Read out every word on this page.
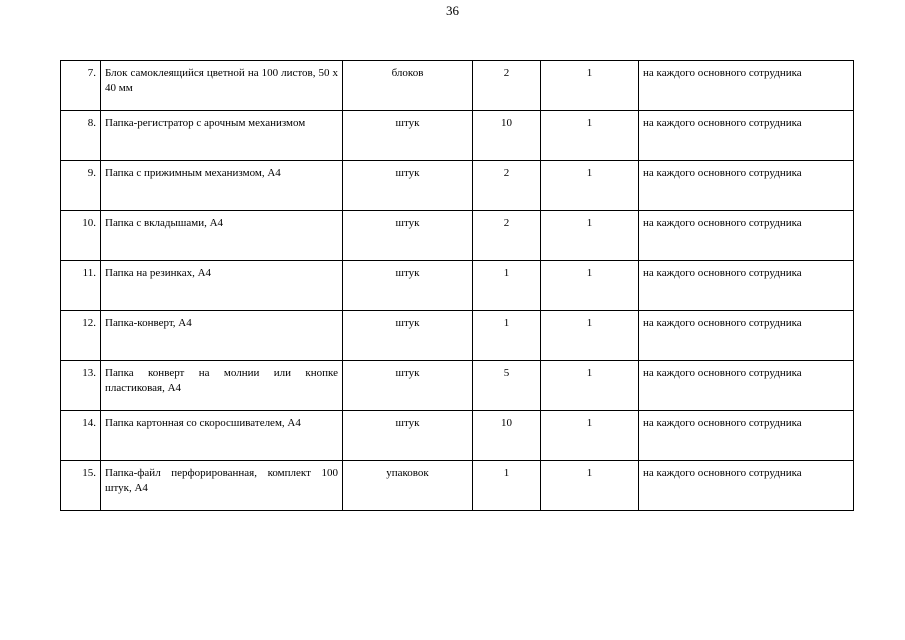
36
7.	Блок самоклеящийся цветной на 100 листов, 50 х 40 мм	блоков	2	1	на каждого основного сотрудника
8.	Папка-регистратор с арочным механизмом	штук	10	1	на каждого основного сотрудника
9.	Папка с прижимным механизмом, А4	штук	2	1	на каждого основного сотрудника
10.	Папка с вкладышами, А4	штук	2	1	на каждого основного сотрудника
11.	Папка на резинках, А4	штук	1	1	на каждого основного сотрудника
12.	Папка-конверт, А4	штук	1	1	на каждого основного сотрудника
13.	Папка конверт на молнии или кнопке пластиковая, А4	штук	5	1	на каждого основного сотрудника
14.	Папка картонная со скоросшивателем, А4	штук	10	1	на каждого основного сотрудника
15.	Папка-файл перфорированная, комплект 100 штук, А4	упаковок	1	1	на каждого основного сотрудника
